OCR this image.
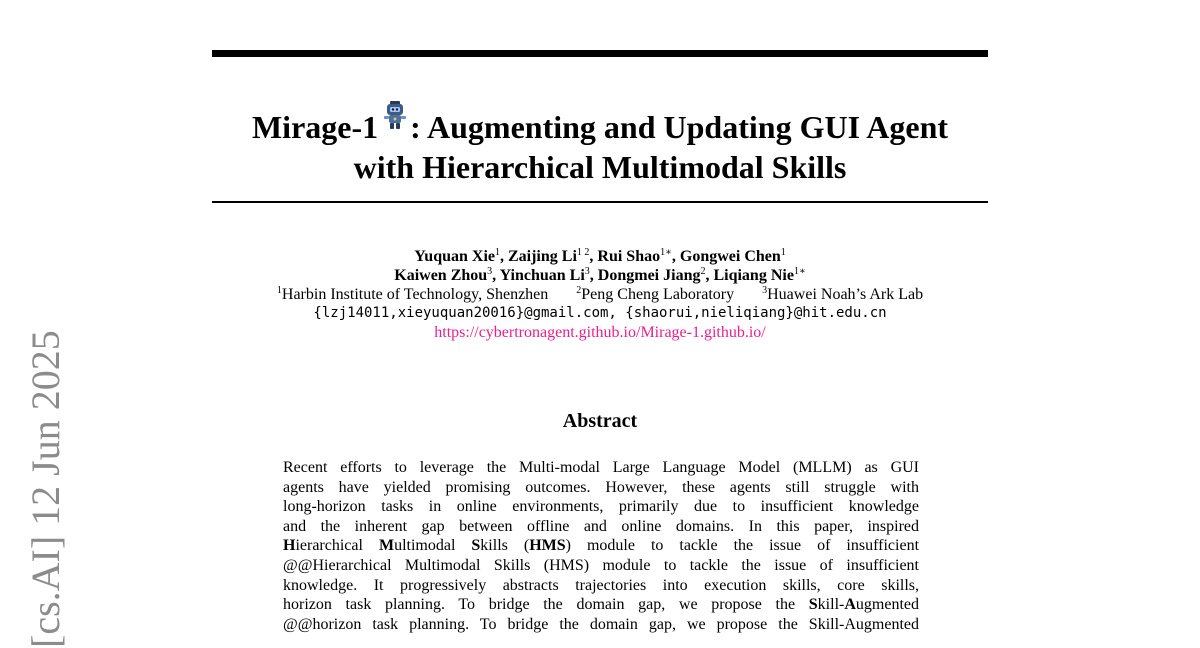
Mirage-1 : Augmenting and Updating GUI Agent
with Hierarchical Multimodal Skills
Yuquan Xie$^1$, Zaijing $Li^{1 2}$, Rui Shao$^{1∗}$, Gongwei Chen$^1$
Kaiwen Zhou$^3$, Yinchuan Li$^3$, Dongmei Jiang$^2$, Liqiang Nie$^{1∗}$
$^1$Harbin Institute of Technology, Shenzhen	$^2$Peng Cheng Laboratory	$^3$Huawei Noah’s Ark Lab
{lzj14011,xieyuquan20016}@gmail.com, {shaorui,nieliqiang}@hit.edu.cn
https://cybertronagent.github.io/Mirage-1.github.io/
Abstract
Recent efforts to leverage the Multi-modal Large Language Model (MLLM) as GUI
agents have yielded promising outcomes. However, these agents still struggle with
long-horizon tasks in online environments, primarily due to insufficient knowledge
and the inherent gap between offline and online domains. In this paper, inspired
Hierarchical Multimodal Skills (HMS) module to tackle the issue of insufficient
@@Hierarchical Multimodal Skills (HMS) module to tackle the issue of insufficient
knowledge. It progressively abstracts trajectories into execution skills, core skills,
horizon task planning. To bridge the domain gap, we propose the Skill-Augmented
@@horizon task planning. To bridge the domain gap, we propose the Skill-Augmented
[cs.AI] 12 Jun 2025
